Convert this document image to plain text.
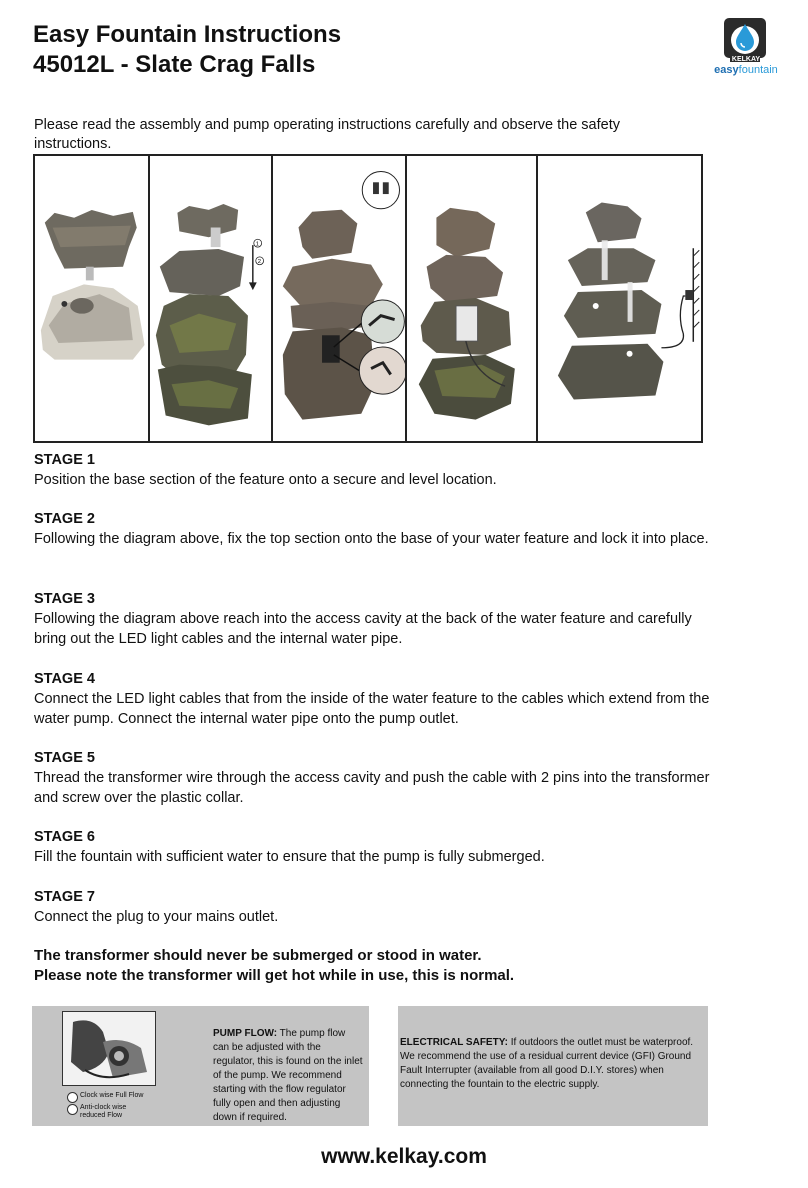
Easy Fountain Instructions
45012L - Slate Crag Falls	KELKAY
easyfountain
Please read the assembly and pump operating instructions carefully and observe the safety instructions.
1
2
STAGE 1
Position the base section of the feature onto a secure and level location.
STAGE 2
Following the diagram above, fix the top section onto the base of your water feature and lock it into place.
STAGE 3
Following the diagram above reach into the access cavity at the back of the water feature and carefully bring out the LED light cables and the internal water pipe.
STAGE 4
Connect the LED light cables that from the inside of the water feature to the cables which extend from the water pump. Connect the internal water pipe onto the pump outlet.
STAGE 5
Thread the transformer wire through the access cavity and push the cable with 2 pins into the transformer and screw over the plastic collar.
STAGE 6
Fill the fountain with sufficient water to ensure that the pump is fully submerged.
STAGE 7
Connect the plug to your mains outlet.
The transformer should never be submerged or stood in water.
Please note the transformer will get hot while in use, this is normal.
Clock wise Full Flow
Anti-clock wise reduced Flow
PUMP FLOW: The pump flow can be adjusted with the regulator, this is found on the inlet of the pump. We recommend starting with the flow regulator fully open and then adjusting down if required.
ELECTRICAL SAFETY: If outdoors the outlet must be waterproof. We recommend the use of a residual current device (GFI) Ground Fault Interrupter (available from all good D.I.Y. stores) when connecting the fountain to the electric supply.
www.kelkay.com
